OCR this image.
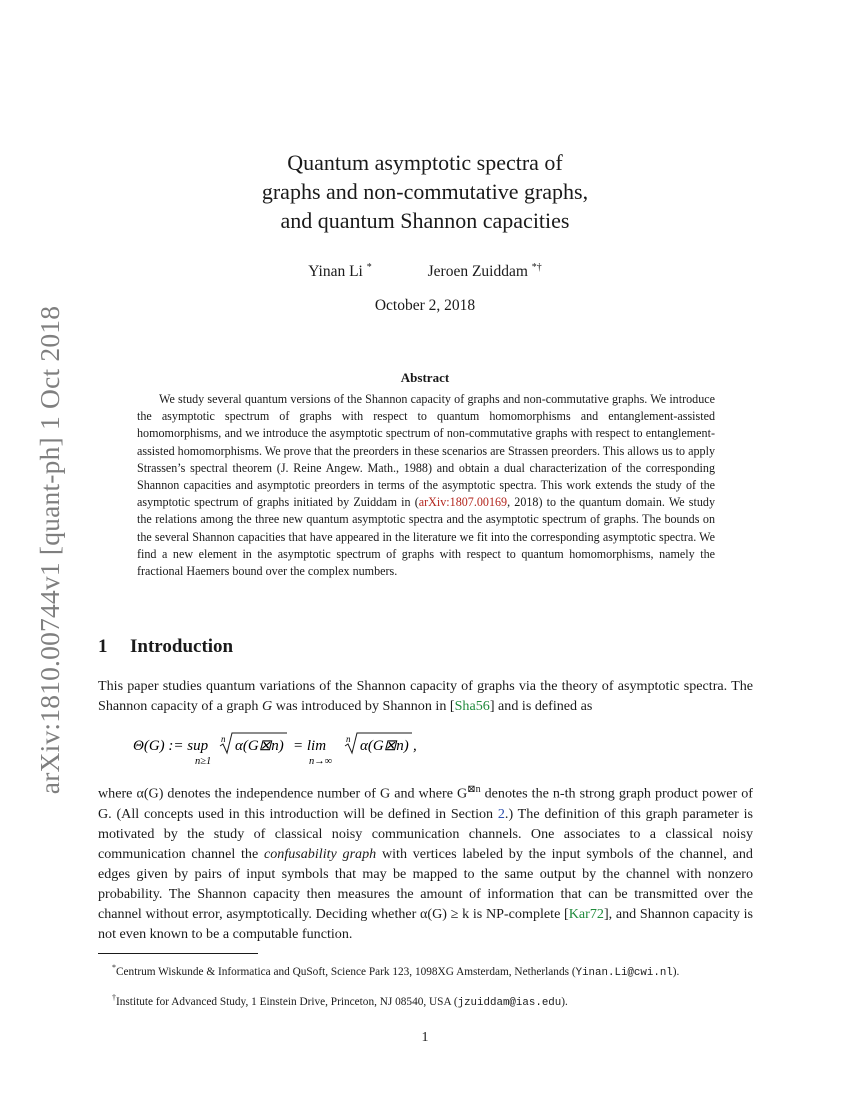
arXiv:1810.00744v1 [quant-ph] 1 Oct 2018
Quantum asymptotic spectra of
graphs and non-commutative graphs,
and quantum Shannon capacities
Yinan Li *	Jeroen Zuiddam *†
October 2, 2018
Abstract
We study several quantum versions of the Shannon capacity of graphs and non-commutative graphs. We introduce the asymptotic spectrum of graphs with respect to quantum homomorphisms and entanglement-assisted homomorphisms, and we introduce the asymptotic spectrum of non-commutative graphs with respect to entanglement-assisted homomorphisms. We prove that the preorders in these scenarios are Strassen preorders. This allows us to apply Strassen’s spectral theorem (J. Reine Angew. Math., 1988) and obtain a dual characterization of the corresponding Shannon capacities and asymptotic preorders in terms of the asymptotic spectra. This work extends the study of the asymptotic spectrum of graphs initiated by Zuiddam in (arXiv:1807.00169, 2018) to the quantum domain. We study the relations among the three new quantum asymptotic spectra and the asymptotic spectrum of graphs. The bounds on the several Shannon capacities that have appeared in the literature we fit into the corresponding asymptotic spectra. We find a new element in the asymptotic spectrum of graphs with respect to quantum homomorphisms, namely the fractional Haemers bound over the complex numbers.
1 Introduction
This paper studies quantum variations of the Shannon capacity of graphs via the theory of asymptotic spectra. The Shannon capacity of a graph G was introduced by Shannon in [Sha56] and is defined as
Θ(G) := sup
n≥1
n α(G⊠n) = lim
n→∞
n α(G⊠n) ,
where α(G) denotes the independence number of G and where $G^{⊠n}$ denotes the n-th strong graph product power of G. (All concepts used in this introduction will be defined in Section 2.) The definition of this graph parameter is motivated by the study of classical noisy communication channels. One associates to a classical noisy communication channel the confusability graph with vertices labeled by the input symbols of the channel, and edges given by pairs of input symbols that may be mapped to the same output by the channel with nonzero probability. The Shannon capacity then measures the amount of information that can be transmitted over the channel without error, asymptotically. Deciding whether α(G) ≥ k is NP-complete [Kar72], and Shannon capacity is not even known to be a computable function.
*Centrum Wiskunde & Informatica and QuSoft, Science Park 123, 1098XG Amsterdam, Netherlands (Yinan.Li@cwi.nl).
†Institute for Advanced Study, 1 Einstein Drive, Princeton, NJ 08540, USA (jzuiddam@ias.edu).
1
